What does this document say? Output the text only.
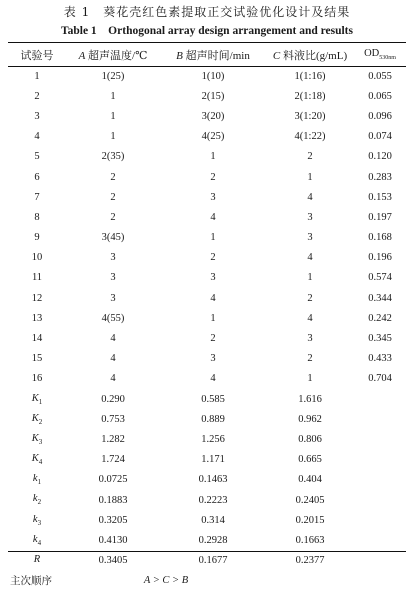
表 1　葵花壳红色素提取正交试验优化设计及结果
Table 1　Orthogonal array design arrangement and results
试验号	A 超声温度/℃	B 超声时间/min	C 料液比(g/mL)	$OD_{530nm}$
1	1(25)	1(10)	1(1:16)	0.055
2	1	2(15)	2(1:18)	0.065
3	1	3(20)	3(1:20)	0.096
4	1	4(25)	4(1:22)	0.074
5	2(35)	1	2	0.120
6	2	2	1	0.283
7	2	3	4	0.153
8	2	4	3	0.197
9	3(45)	1	3	0.168
10	3	2	4	0.196
11	3	3	1	0.574
12	3	4	2	0.344
13	4(55)	1	4	0.242
14	4	2	3	0.345
15	4	3	2	0.433
16	4	4	1	0.704
$K_1$	0.290	0.585	1.616	
$K_2$	0.753	0.889	0.962	
$K_3$	1.282	1.256	0.806	
$K_4$	1.724	1.171	0.665	
$k_1$	0.0725	0.1463	0.404	
$k_2$	0.1883	0.2223	0.2405	
$k_3$	0.3205	0.314	0.2015	
$k_4$	0.4130	0.2928	0.1663	
R	0.3405	0.1677	0.2377	
主次顺序	A > C > B			
